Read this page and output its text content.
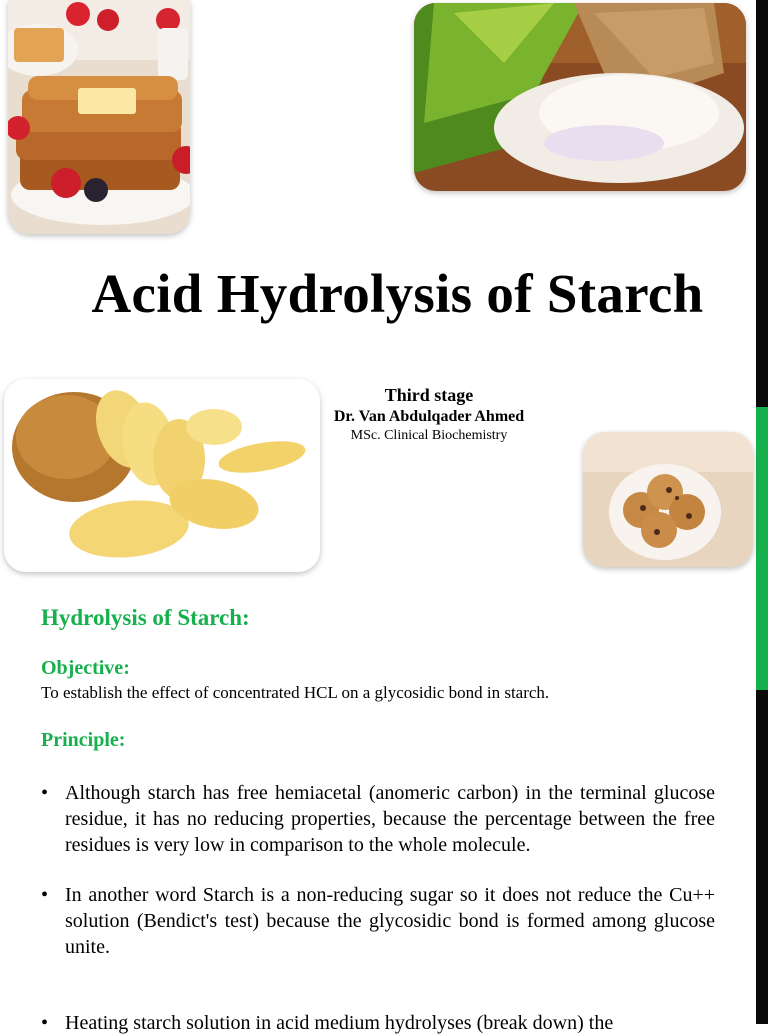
Acid Hydrolysis of Starch
Third stage
Dr. Van Abdulqader Ahmed
MSc. Clinical Biochemistry
Hydrolysis of Starch:
Objective:
To establish the effect of concentrated HCL on a glycosidic bond in starch.
Principle:
• Although starch has free hemiacetal (anomeric carbon) in the terminal glucose residue, it has no reducing properties, because the percentage between the free residues is very low in comparison to the whole molecule.
• In another word Starch is a non-reducing sugar so it does not reduce the Cu++ solution (Bendict's test) because the glycosidic bond is formed among glucose unite.
• Heating starch solution in acid medium hydrolyses (break down) the
